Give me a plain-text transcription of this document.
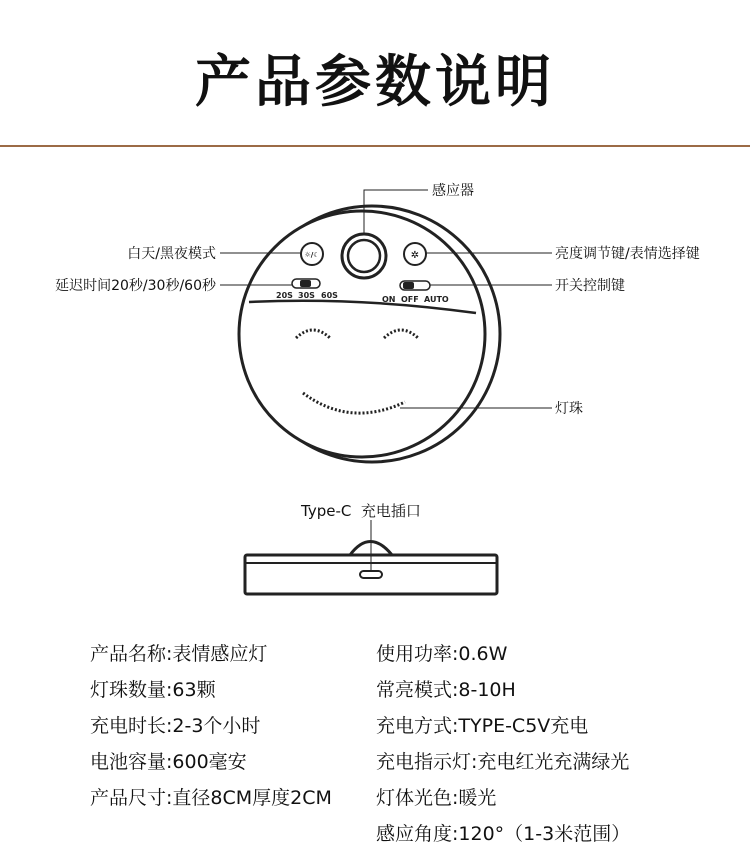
产品参数说明
☼/☾	✲
20S 30S 60S	ON OFF AUTO
感应器
白天/黑夜模式
延迟时间20秒/30秒/60秒
亮度调节键/表情选择键
开关控制键
灯珠
Type-C  充电插口
产品名称:表情感应灯
灯珠数量:63颗
充电时长:2-3个小时
电池容量:600毫安
产品尺寸:直径8CM厚度2CM
使用功率:0.6W
常亮模式:8-10H
充电方式:TYPE-C5V充电
充电指示灯:充电红光充满绿光
灯体光色:暖光
感应角度:120°（1-3米范围）
